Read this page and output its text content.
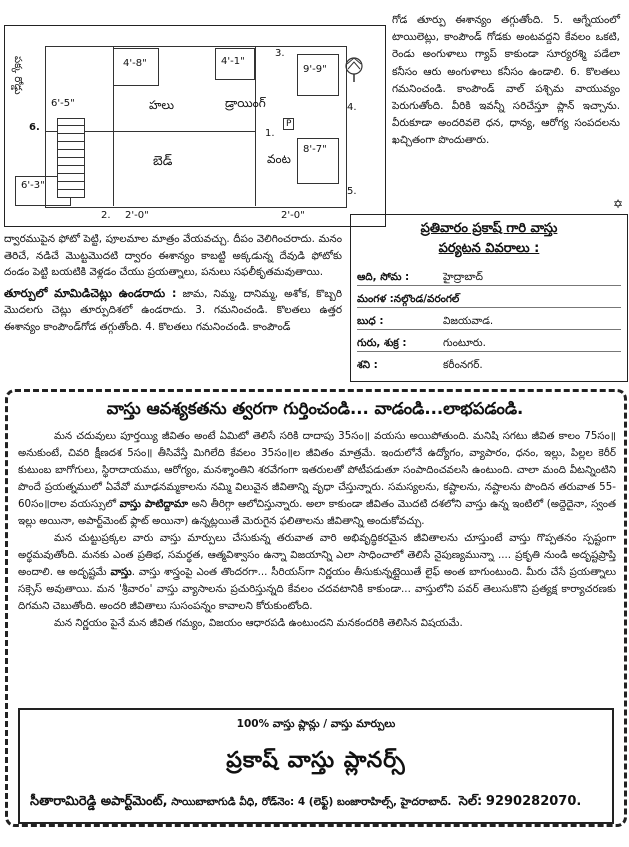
పక్క రోడ్డు
6.
4'-8"	4'-1"
9'-9"
6'-5"	హలు	డ్రాయింగ్
బెడ్	వంట
8'-7"
6'-3"
2'-0"	2'-0"
1.
P
3.
4.
5.
2.

గోడ తూర్పు ఈశాన్యం తగ్గుతోంది. 5. ఆగ్నేయంలో టాయిలెట్లు, కాంపౌండ్ గోడకు అంటవద్దని కేవలం ఒకటి, రెండు అంగుళాలు గ్యాప్ కాకుండా సూర్యరశ్మి పడేలా కనీసం ఆరు అంగుళాలు కనీసం ఉండాలి. 6. కొలతలు గమనించండి. కాంపౌండ్ వాల్ పశ్చిమ వాయువ్యం పెరుగుతోంది. వీరికి ఇవన్నీ సరిచేస్తూ ప్లాన్ ఇచ్చాను. వీరుకూడా అందరివలె ధన, ధాన్య, ఆరోగ్య సంపదలను ఖచ్చితంగా పొందుతారు.

✡

ద్వారముపైన ఫోటో పెట్టి, పూలమాల మాత్రం వేయవచ్చు. దీపం వెలిగించరాదు. మనం తెరిచే, నడిచే మొట్టమొదటి ద్వారం ఈశాన్యం కాబట్టి అక్కడున్న దేవుడి ఫోటోకు దండం పెట్టి బయటికి వెళ్లడం చేయు ప్రయత్నాలు, పనులు సఫలీకృతమవుతాయి.

తూర్పులో మామిడిచెట్లు ఉండరాదు : జామ, నిమ్మ, దానిమ్మ, అశోక, కొబ్బరి మొదలగు చెట్లు తూర్పుదిశలో ఉండరాదు. 3. గమనించండి. కొలతలు ఉత్తర ఈశాన్యం కాంపౌండ్‌గోడ తగ్గుతోంది. 4. కొలతలు గమనించండి. కాంపౌండ్

ప్రతివారం ప్రకాష్ గారి వాస్తు
పర్యటన వివరాలు :
ఆది, సోమ :	హైద్రాబాద్
మంగళ :నల్గొండ/వరంగల్
బుధ :	విజయవాడ.
గురు, శుక్ర :	గుంటూరు.
శని :	కరీంనగర్.
వాస్తు ఆవశ్యకతను త్వరగా గుర్తించండి... వాడండి...లాభపడండి.

మన చదువులు పూర్తయ్యి జీవితం అంటే ఏమిటో తెలిసే సరికి దాదాపు 35సం॥ వయసు అయిపోతుంది. మనిషి సగటు జీవిత కాలం 75సం॥ అనుకుంటే, చివరి క్షీణదశ 5సం॥ తీసివేస్తే మిగిలేది కేవలం 35సం॥ల జీవితం మాత్రమే. ఇందులోనే ఉద్యోగం, వ్యాపారం, ధనం, ఇల్లు, పిల్లల కెరీర్ కుటుంబ బాగోగులు, స్థిరాదాయము, ఆరోగ్యం, మనశ్శాంతిని శరవేగంగా ఇతరులతో పోటీపడుతూ సంపాదించవలసి ఉంటుంది. చాలా మంది వీటన్నింటిని పొందే ప్రయత్నములో ఏవేవో మూఢనమ్మకాలను నమ్మి విలువైన జీవితాన్ని వృధా చేస్తున్నారు. సమస్యలను, కష్టాలను, నష్టాలను పొందిన తరువాత 55-60సం॥రాల వయస్సులో వాస్తు పాటిద్దామా అని తీరిగ్గా ఆలోచిస్తున్నారు. అలా కాకుండా జీవితం మొదటి దశలోని వాస్తు ఉన్న ఇంటిలో (అద్దెదైనా, స్వంత ఇల్లు అయినా, అపార్ట్‌మెంట్ ఫ్లాట్ అయినా) ఉన్నట్లయితే మెరుగైన ఫలితాలను జీవితాన్ని అందుకోవచ్చు.

మన చుట్టుప్రక్కల వారు వాస్తు మార్పులు చేసుకున్న తరువాత వారి అభివృద్ధికరమైన జీవితాలను చూస్తుంటే వాస్తు గొప్పతనం స్పష్టంగా అర్థమవుతోంది. మనకు ఎంత ప్రతిభ, సమర్థత, ఆత్మవిశ్వాసం ఉన్నా విజయాన్ని ఎలా సాధించాలో తెలిసే నైపుణ్యమున్నా .... ప్రకృతి నుండి అదృష్టప్రాప్తి అందాలి. ఆ అదృష్టమే వాస్తు. వాస్తు శాస్త్రంపై ఎంత తొందరగా... సీరియస్‌గా నిర్ణయం తీసుకున్నట్లైయితే లైఫ్ అంత బాగుంటుంది. మీరు చేసే ప్రయత్నాలు సక్సెస్ అవుతాయి. మన 'శ్రీవారం' వాస్తు వ్యాసాలను ప్రచురిస్తున్నది కేవలం చదవటానికి కాకుండా... వాస్తులోని పవర్ తెలుసుకొని ప్రత్యక్ష కార్యాచరణకు దిగమని చెబుతోంది. అందరి జీవితాలు సుసంపన్నం కావాలని కోరుకుంటోంది.

మన నిర్ణయం పైనే మన జీవిత గమ్యం, విజయం ఆధారపడి ఉంటుందని మనకందరికి తెలిసిన విషయమే.

100% వాస్తు ప్లాన్లు / వాస్తు మార్పులు
ప్రకాష్ వాస్తు ప్లానర్స్
సీతారామిరెడ్డి అపార్ట్‌మెంట్, సాయిబాబాగుడి వీధి, రోడ్‌నెం: 4 (లెఫ్ట్) బంజారాహిల్స్, హైదరాబాద్. సెల్: 9290282070.
